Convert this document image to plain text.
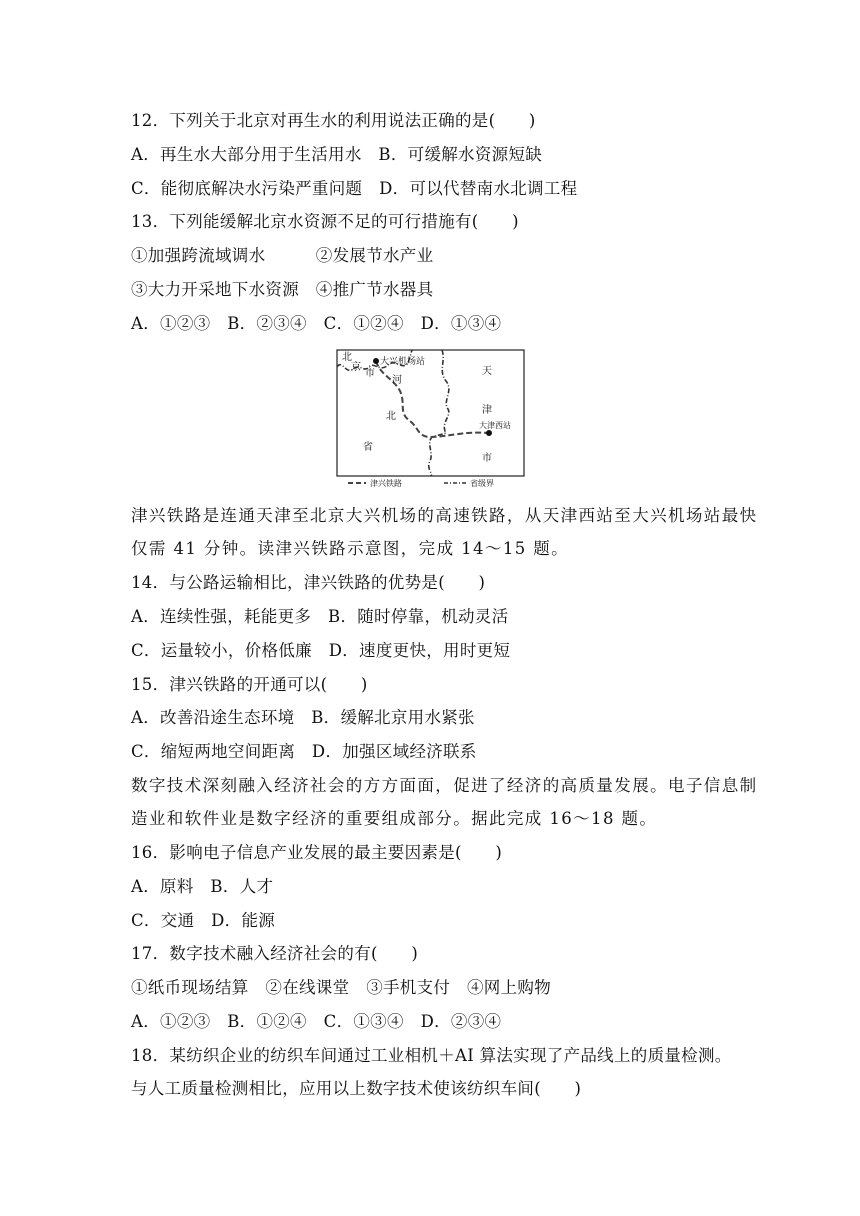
12．下列关于北京对再生水的利用说法正确的是(　　)
A．再生水大部分用于生活用水　B．可缓解水资源短缺
C．能彻底解决水污染严重问题　D．可以代替南水北调工程
13．下列能缓解北京水资源不足的可行措施有(　　)
①加强跨流域调水　　　②发展节水产业
③大力开采地下水资源　④推广节水器具
A．①②③　B．②③④　C．①②④　D．①③④
北
京
市
大兴机场站
河
北
省
天
津
大津西站
市
津兴铁路	省级界
津兴铁路是连通天津至北京大兴机场的高速铁路，从天津西站至大兴机场站最快
仅需 41 分钟。读津兴铁路示意图，完成 14～15 题。
14．与公路运输相比，津兴铁路的优势是(　　)
A．连续性强，耗能更多　B．随时停靠，机动灵活
C．运量较小，价格低廉　D．速度更快，用时更短
15．津兴铁路的开通可以(　　)
A．改善沿途生态环境　B．缓解北京用水紧张
C．缩短两地空间距离　D．加强区域经济联系
数字技术深刻融入经济社会的方方面面，促进了经济的高质量发展。电子信息制
造业和软件业是数字经济的重要组成部分。据此完成 16～18 题。
16．影响电子信息产业发展的最主要因素是(　　)
A．原料　B．人才
C．交通　D．能源
17．数字技术融入经济社会的有(　　)
①纸币现场结算　②在线课堂　③手机支付　④网上购物
A．①②③　B．①②④　C．①③④　D．②③④
18．某纺织企业的纺织车间通过工业相机＋AI 算法实现了产品线上的质量检测。
与人工质量检测相比，应用以上数字技术使该纺织车间(　　)
